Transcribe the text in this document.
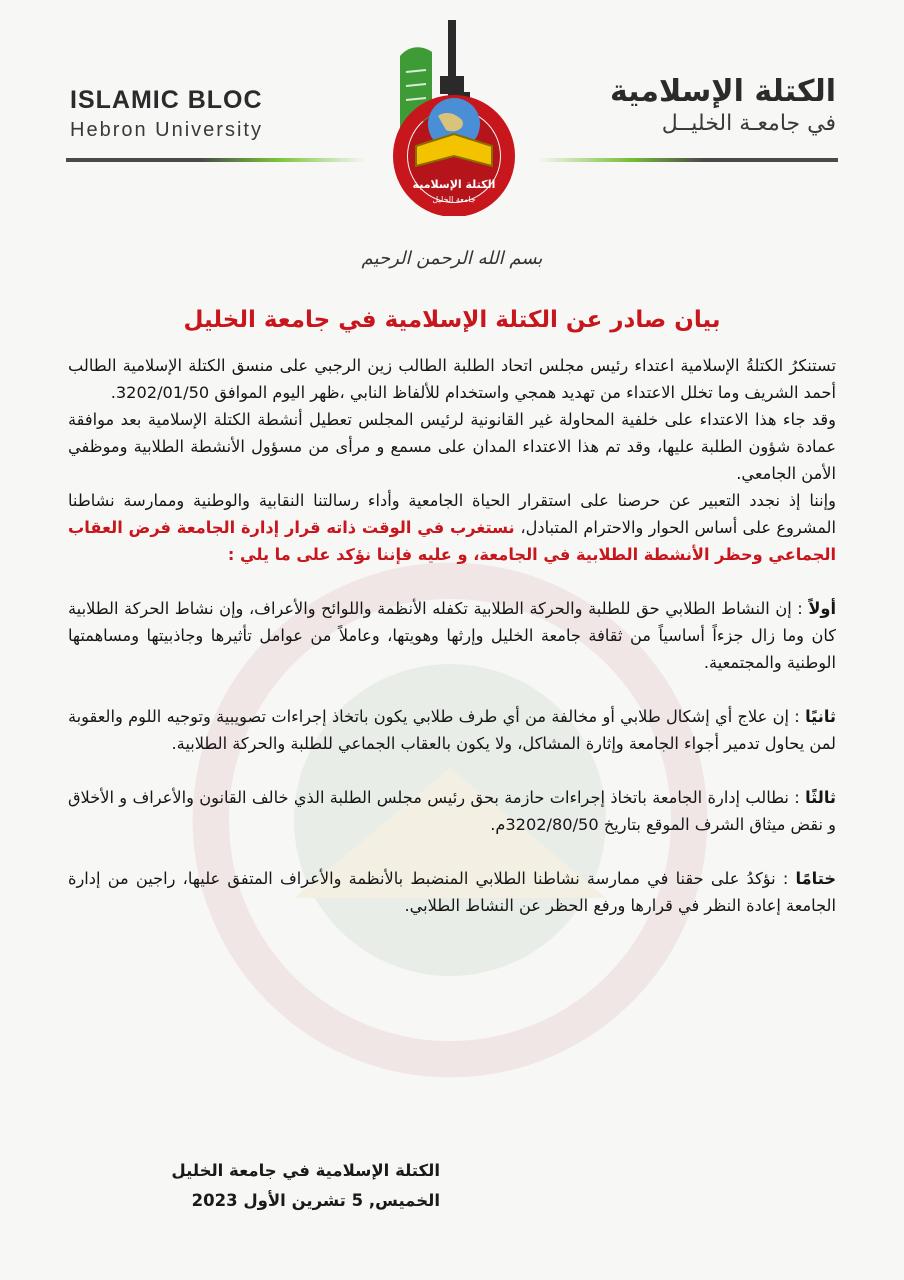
ISLAMIC BLOC
Hebron University
الكتلة الإسلامية
في جامعـة الخليــل
الكتلة الإسلامية
جامعة الخليل
بسم الله الرحمن الرحيم
بيان صادر عن الكتلة الإسلامية في جامعة الخليل

تستنكرُ الكتلةُ الإسلامية اعتداء رئيس مجلس اتحاد الطلبة الطالب زين الرجبي على منسق الكتلة الإسلامية الطالب أحمد الشريف وما تخلل الاعتداء من تهديد همجي واستخدام للألفاظ النابي ،ظهر اليوم الموافق 3202/01/50.

وقد جاء هذا الاعتداء على خلفية المحاولة غير القانونية لرئيس المجلس تعطيل أنشطة الكتلة الإسلامية بعد موافقة عمادة شؤون الطلبة عليها، وقد تم هذا الاعتداء المدان على مسمع و مرأى من مسؤول الأنشطة الطلابية وموظفي الأمن الجامعي.

وإننا إذ نجدد التعبير عن حرصنا على استقرار الحياة الجامعية وأداء رسالتنا النقابية والوطنية وممارسة نشاطنا المشروع على أساس الحوار والاحترام المتبادل، نستغرب في الوقت ذاته قرار إدارة الجامعة فرض العقاب الجماعي وحظر الأنشطة الطلابية في الجامعة، و عليه فإننا نؤكد على ما يلي :

أولاً : إن النشاط الطلابي حق للطلبة والحركة الطلابية تكفله الأنظمة واللوائح والأعراف، وإن نشاط الحركة الطلابية كان وما زال جزءاً أساسياً من ثقافة جامعة الخليل وإرثها وهويتها، وعاملاً من عوامل تأثيرها وجاذبيتها ومساهمتها الوطنية والمجتمعية.

ثانيًا : إن علاج أي إشكال طلابي أو مخالفة من أي طرف طلابي يكون باتخاذ إجراءات تصويبية وتوجيه اللوم والعقوبة لمن يحاول تدمير أجواء الجامعة وإثارة المشاكل، ولا يكون بالعقاب الجماعي للطلبة والحركة الطلابية.

ثالثًا : نطالب إدارة الجامعة باتخاذ إجراءات حازمة بحق رئيس مجلس الطلبة الذي خالف القانون والأعراف و الأخلاق و نقض ميثاق الشرف الموقع بتاريخ 3202/80/50م.

ختامًا : نؤكدُ على حقنا في ممارسة نشاطنا الطلابي المنضبط بالأنظمة والأعراف المتفق عليها، راجين من إدارة الجامعة إعادة النظر في قرارها ورفع الحظر عن النشاط الطلابي.

الكتلة الإسلامية في جامعة الخليل
الخميس, 5 تشرين الأول 2023
